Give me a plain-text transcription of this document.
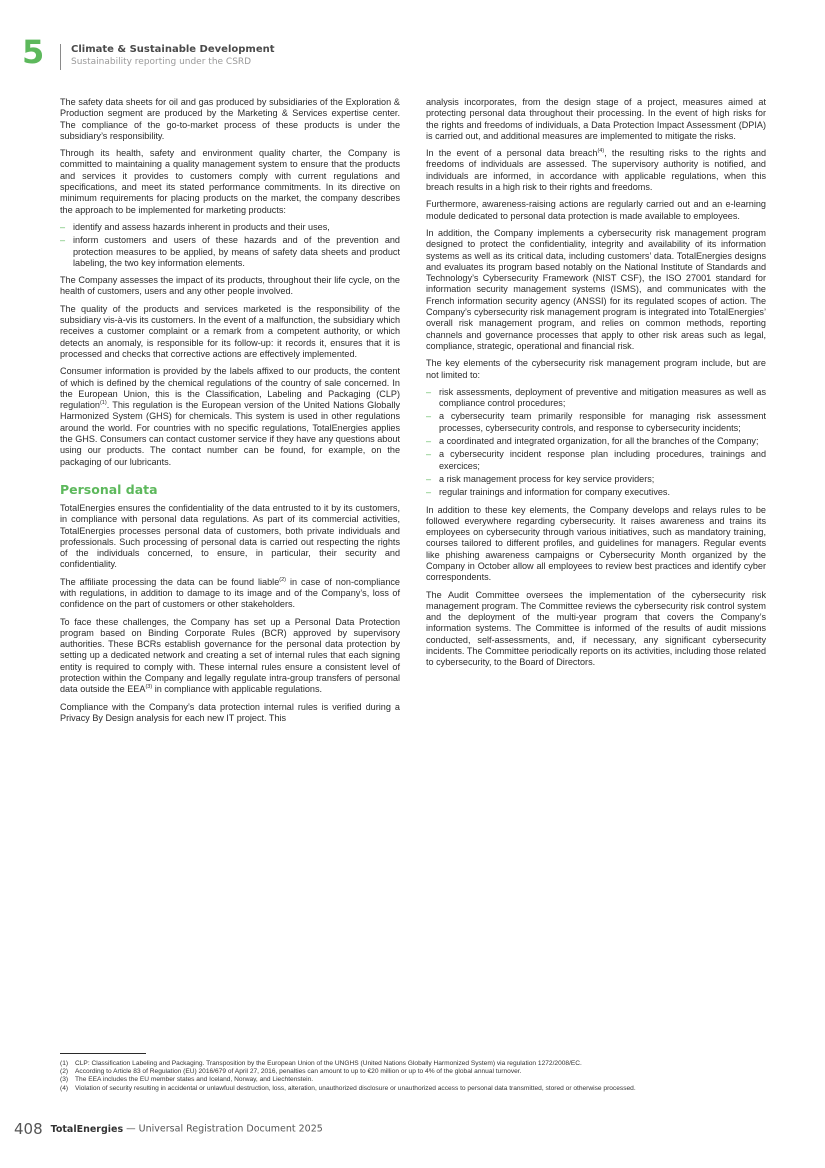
5	Climate & Sustainable Development
Sustainability reporting under the CSRD

The safety data sheets for oil and gas produced by subsidiaries of the Exploration & Production segment are produced by the Marketing & Services expertise center. The compliance of the go-to-market process of these products is under the subsidiary’s responsibility.

Through its health, safety and environment quality charter, the Company is committed to maintaining a quality management system to ensure that the products and services it provides to customers comply with current regulations and specifications, and meet its stated performance commitments. In its directive on minimum requirements for placing products on the market, the company describes the approach to be implemented for marketing products:

– identify and assess hazards inherent in products and their uses,
– inform customers and users of these hazards and of the prevention and protection measures to be applied, by means of safety data sheets and product labeling, the two key information elements.

The Company assesses the impact of its products, throughout their life cycle, on the health of customers, users and any other people involved.

The quality of the products and services marketed is the responsibility of the subsidiary vis-à-vis its customers. In the event of a malfunction, the subsidiary which receives a customer complaint or a remark from a competent authority, or which detects an anomaly, is responsible for its follow-up: it records it, ensures that it is processed and checks that corrective actions are effectively implemented.

Consumer information is provided by the labels affixed to our products, the content of which is defined by the chemical regulations of the country of sale concerned. In the European Union, this is the Classification, Labeling and Packaging (CLP) regulation$^{(1)}$. This regulation is the European version of the United Nations Globally Harmonized System (GHS) for chemicals. This system is used in other regulations around the world. For countries with no specific regulations, TotalEnergies applies the GHS. Consumers can contact customer service if they have any questions about using our products. The contact number can be found, for example, on the packaging of our lubricants.

Personal data

TotalEnergies ensures the confidentiality of the data entrusted to it by its customers, in compliance with personal data regulations. As part of its commercial activities, TotalEnergies processes personal data of customers, both private individuals and professionals. Such processing of personal data is carried out respecting the rights of the individuals concerned, to ensure, in particular, their security and confidentiality.

The affiliate processing the data can be found liable$^{(2)}$ in case of non-compliance with regulations, in addition to damage to its image and of the Company’s, loss of confidence on the part of customers or other stakeholders.

To face these challenges, the Company has set up a Personal Data Protection program based on Binding Corporate Rules (BCR) approved by supervisory authorities. These BCRs establish governance for the personal data protection by setting up a dedicated network and creating a set of internal rules that each signing entity is required to comply with. These internal rules ensure a consistent level of protection within the Company and legally regulate intra-group transfers of personal data outside the EEA$^{(3)}$ in compliance with applicable regulations.

Compliance with the Company’s data protection internal rules is verified during a Privacy By Design analysis for each new IT project. This

analysis incorporates, from the design stage of a project, measures aimed at protecting personal data throughout their processing. In the event of high risks for the rights and freedoms of individuals, a Data Protection Impact Assessment (DPIA) is carried out, and additional measures are implemented to mitigate the risks.

In the event of a personal data breach$^{(4)}$, the resulting risks to the rights and freedoms of individuals are assessed. The supervisory authority is notified, and individuals are informed, in accordance with applicable regulations, when this breach results in a high risk to their rights and freedoms.

Furthermore, awareness-raising actions are regularly carried out and an e-learning module dedicated to personal data protection is made available to employees.

In addition, the Company implements a cybersecurity risk management program designed to protect the confidentiality, integrity and availability of its information systems as well as its critical data, including customers’ data. TotalEnergies designs and evaluates its program based notably on the National Institute of Standards and Technology’s Cybersecurity Framework (NIST CSF), the ISO 27001 standard for information security management systems (ISMS), and communicates with the French information security agency (ANSSI) for its regulated scopes of action. The Company’s cybersecurity risk management program is integrated into TotalEnergies’ overall risk management program, and relies on common methods, reporting channels and governance processes that apply to other risk areas such as legal, compliance, strategic, operational and financial risk.

The key elements of the cybersecurity risk management program include, but are not limited to:

– risk assessments, deployment of preventive and mitigation measures as well as compliance control procedures;
– a cybersecurity team primarily responsible for managing risk assessment processes, cybersecurity controls, and response to cybersecurity incidents;
– a coordinated and integrated organization, for all the branches of the Company;
– a cybersecurity incident response plan including procedures, trainings and exercices;
– a risk management process for key service providers;
– regular trainings and information for company executives.

In addition to these key elements, the Company develops and relays rules to be followed everywhere regarding cybersecurity. It raises awareness and trains its employees on cybersecurity through various initiatives, such as mandatory training, courses tailored to different profiles, and guidelines for managers. Regular events like phishing awareness campaigns or Cybersecurity Month organized by the Company in October allow all employees to review best practices and identify cyber correspondents.

The Audit Committee oversees the implementation of the cybersecurity risk management program. The Committee reviews the cybersecurity risk control system and the deployment of the multi-year program that covers the Company’s information systems. The Committee is informed of the results of audit missions conducted, self-assessments, and, if necessary, any significant cybersecurity incidents. The Committee periodically reports on its activities, including those related to cybersecurity, to the Board of Directors.

(1) CLP: Classification Labeling and Packaging. Transposition by the European Union of the UNGHS (United Nations Globally Harmonized System) via regulation 1272/2008/EC.
(2) According to Article 83 of Regulation (EU) 2016/679 of April 27, 2016, penalties can amount to up to €20 million or up to 4% of the global annual turnover.
(3) The EEA includes the EU member states and Iceland, Norway, and Liechtenstein.
(4) Violation of security resulting in accidental or unlawfuul destruction, loss, alteration, unauthorized disclosure or unauthorized access to personal data transmitted, stored or otherwise processed.
408 TotalEnergies — Universal Registration Document 2025
